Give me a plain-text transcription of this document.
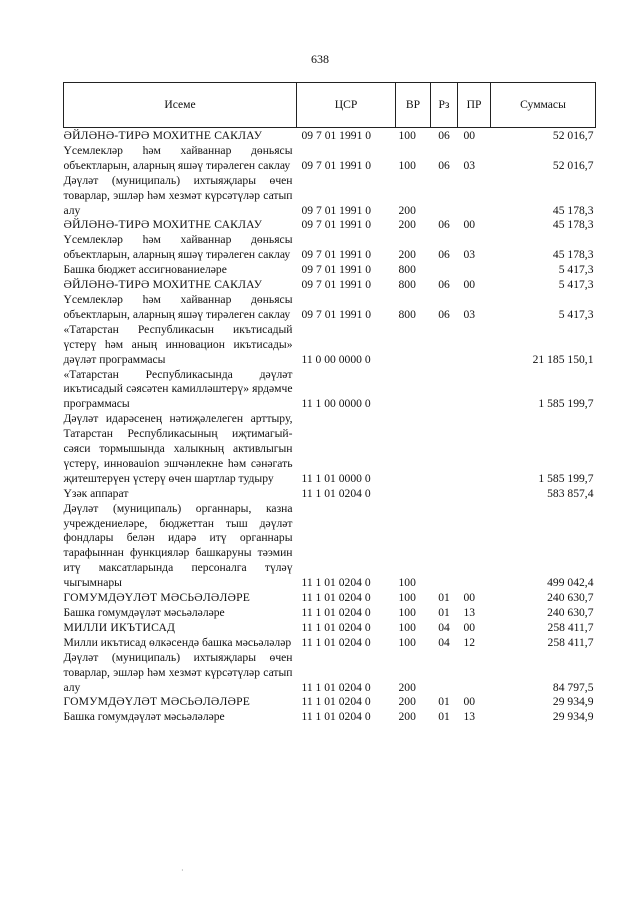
638
Исеме	ЦСР	ВР	Рз	ПР	Суммасы
ӘЙЛӘНӘ-ТИРӘ МОХИТНЕ САКЛАУ	09 7 01 1991 0	100	06	00	52 016,7
Үсемлекләр һәм хайваннар дөньясы объектларын, аларның яшәү тирәлеген саклау	09 7 01 1991 0	100	06	03	52 016,7
Дәүләт (муниципаль) ихтыяҗлары өчен товарлар, эшләр һәм хезмәт күрсәтүләр сатып алу	09 7 01 1991 0	200			45 178,3
ӘЙЛӘНӘ-ТИРӘ МОХИТНЕ САКЛАУ	09 7 01 1991 0	200	06	00	45 178,3
Үсемлекләр һәм хайваннар дөньясы объектларын, аларның яшәү тирәлеген саклау	09 7 01 1991 0	200	06	03	45 178,3
Башка бюджет ассигнованиеләре	09 7 01 1991 0	800			5 417,3
ӘЙЛӘНӘ-ТИРӘ МОХИТНЕ САКЛАУ	09 7 01 1991 0	800	06	00	5 417,3
Үсемлекләр һәм хайваннар дөньясы объектларын, аларның яшәү тирәлеген саклау	09 7 01 1991 0	800	06	03	5 417,3
«Татарстан Республикасын икътисадый үстерү һәм аның инновацион икътисады» дәүләт программасы	11 0 00 0000 0				21 185 150,1
«Татарстан Республикасында дәүләт икътисадый сәясәтен камилләштерү» ярдәмче программасы	11 1 00 0000 0				1 585 199,7
Дәүләт идарәсенең нәтиҗәлелеген арттыру, Татарстан Республикасының иҗтимагый-сәяси тормышында халыкның активлыгын үстерү, инноваuion эшчәнлекне һәм сәнәгать җитештерүен үстерү өчен шартлар тудыру	11 1 01 0000 0				1 585 199,7
Үзәк аппарат	11 1 01 0204 0				583 857,4
Дәүләт (муниципаль) органнары, казна учреждениеләре, бюджеттан тыш дәүләт фондлары белән идарә итү органнары тарафыннан функцияләр башкаруны тәэмин итү максатларында персоналга түләү чыгымнары	11 1 01 0204 0	100			499 042,4
ГОМУМДӘҮЛӘТ МӘСЬӘЛӘЛӘРЕ	11 1 01 0204 0	100	01	00	240 630,7
Башка гомумдәүләт мәсьәләләре	11 1 01 0204 0	100	01	13	240 630,7
МИЛЛИ ИКЪТИСАД	11 1 01 0204 0	100	04	00	258 411,7
Милли икътисад өлкәсендә башка мәсьәләләр	11 1 01 0204 0	100	04	12	258 411,7
Дәүләт (муниципаль) ихтыяҗлары өчен товарлар, эшләр һәм хезмәт күрсәтүләр сатып алу	11 1 01 0204 0	200			84 797,5
ГОМУМДӘҮЛӘТ МӘСЬӘЛӘЛӘРЕ	11 1 01 0204 0	200	01	00	29 934,9
Башка гомумдәүләт мәсьәләләре	11 1 01 0204 0	200	01	13	29 934,9
·
